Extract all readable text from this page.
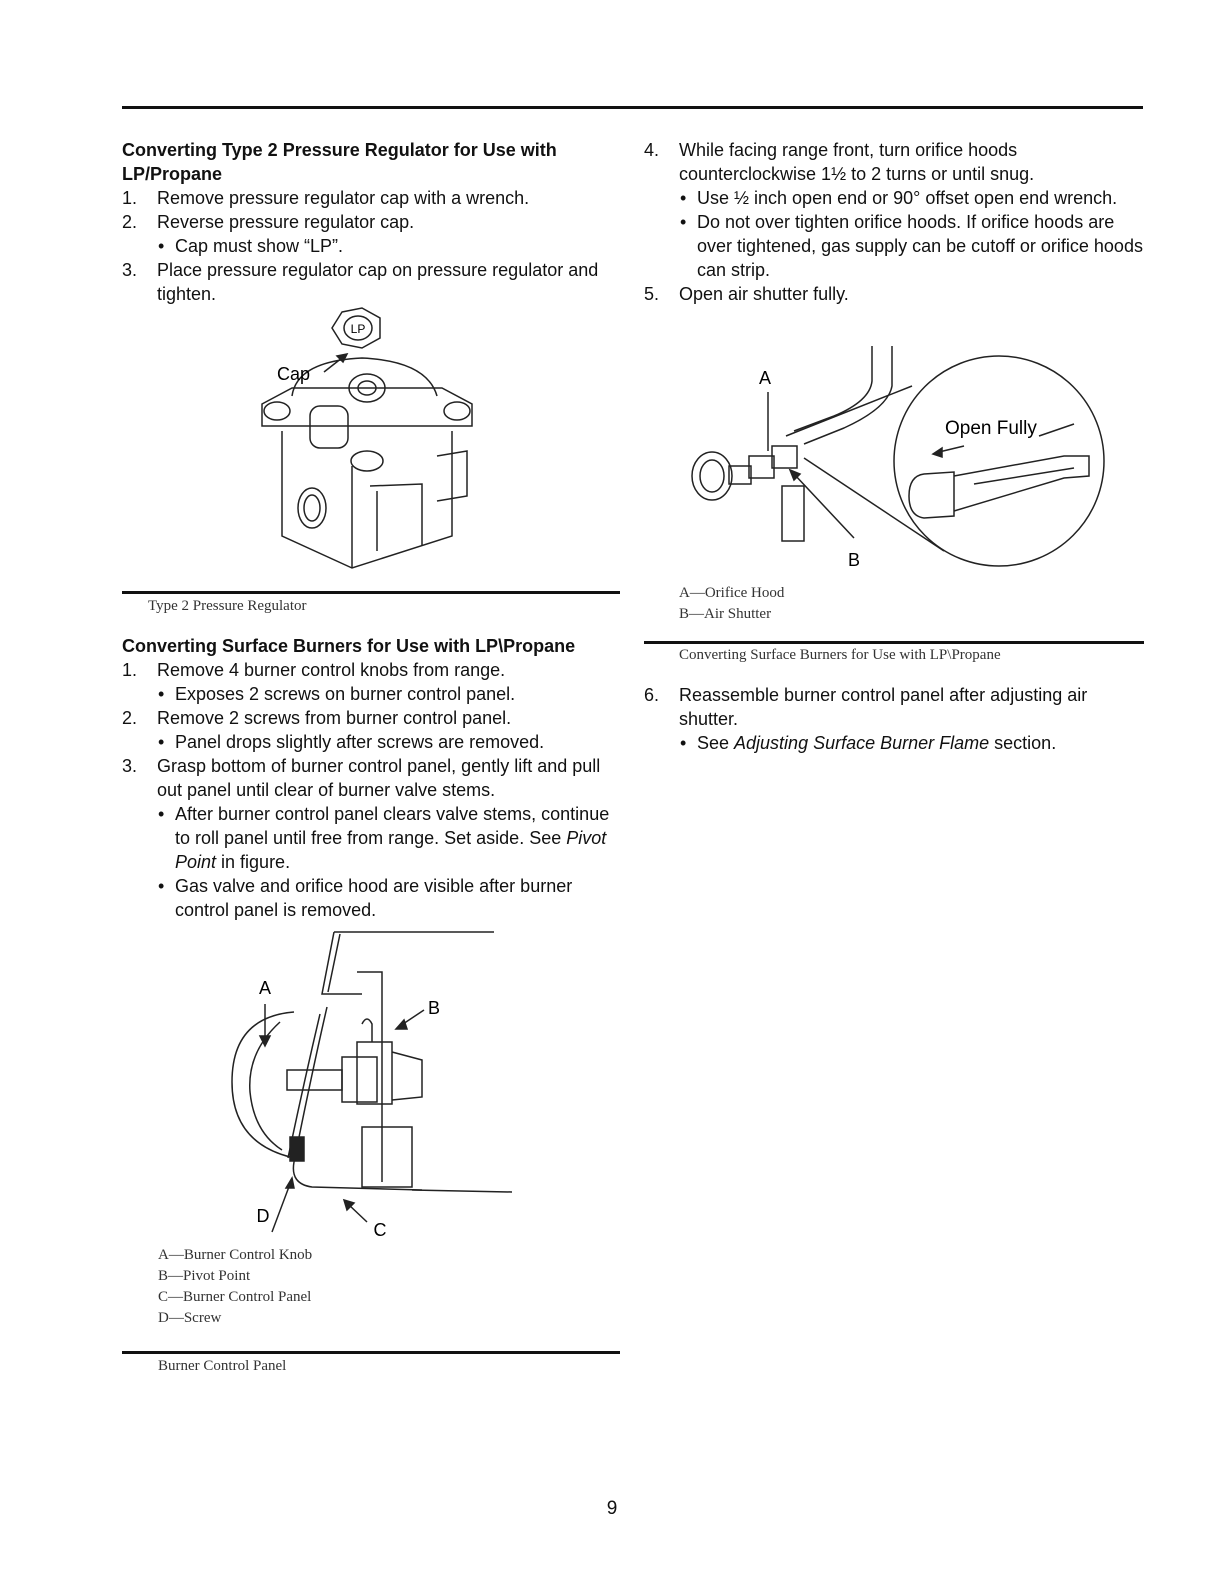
Converting Type 2 Pressure Regulator for Use with LP/Propane
1. Remove pressure regulator cap with a wrench.
2. Reverse pressure regulator cap.
• Cap must show “LP”.
3. Place pressure regulator cap on pressure regulator and tighten.
LP
Cap
Type 2 Pressure Regulator
Converting Surface Burners for Use with LP\Propane
1. Remove 4 burner control knobs from range.
• Exposes 2 screws on burner control panel.
2. Remove 2 screws from burner control panel.
• Panel drops slightly after screws are removed.
3. Grasp bottom of burner control panel, gently lift and pull out panel until clear of burner valve stems.
• After burner control panel clears valve stems, continue to roll panel until free from range. Set aside. See Pivot Point in figure.
• Gas valve and orifice hood are visible after burner control panel is removed.
A
B
C
D
A—Burner Control Knob
B—Pivot Point
C—Burner Control Panel
D—Screw
Burner Control Panel
4. While facing range front, turn orifice hoods counterclockwise 1½ to 2 turns or until snug.
• Use ½ inch open end or 90° offset open end wrench.
• Do not over tighten orifice hoods. If orifice hoods are over tightened, gas supply can be cutoff or orifice hoods can strip.
5. Open air shutter fully.
A
B
Open Fully
A—Orifice Hood
B—Air Shutter
Converting Surface Burners for Use with LP\Propane
6. Reassemble burner control panel after adjusting air shutter.
• See Adjusting Surface Burner Flame section.
9
